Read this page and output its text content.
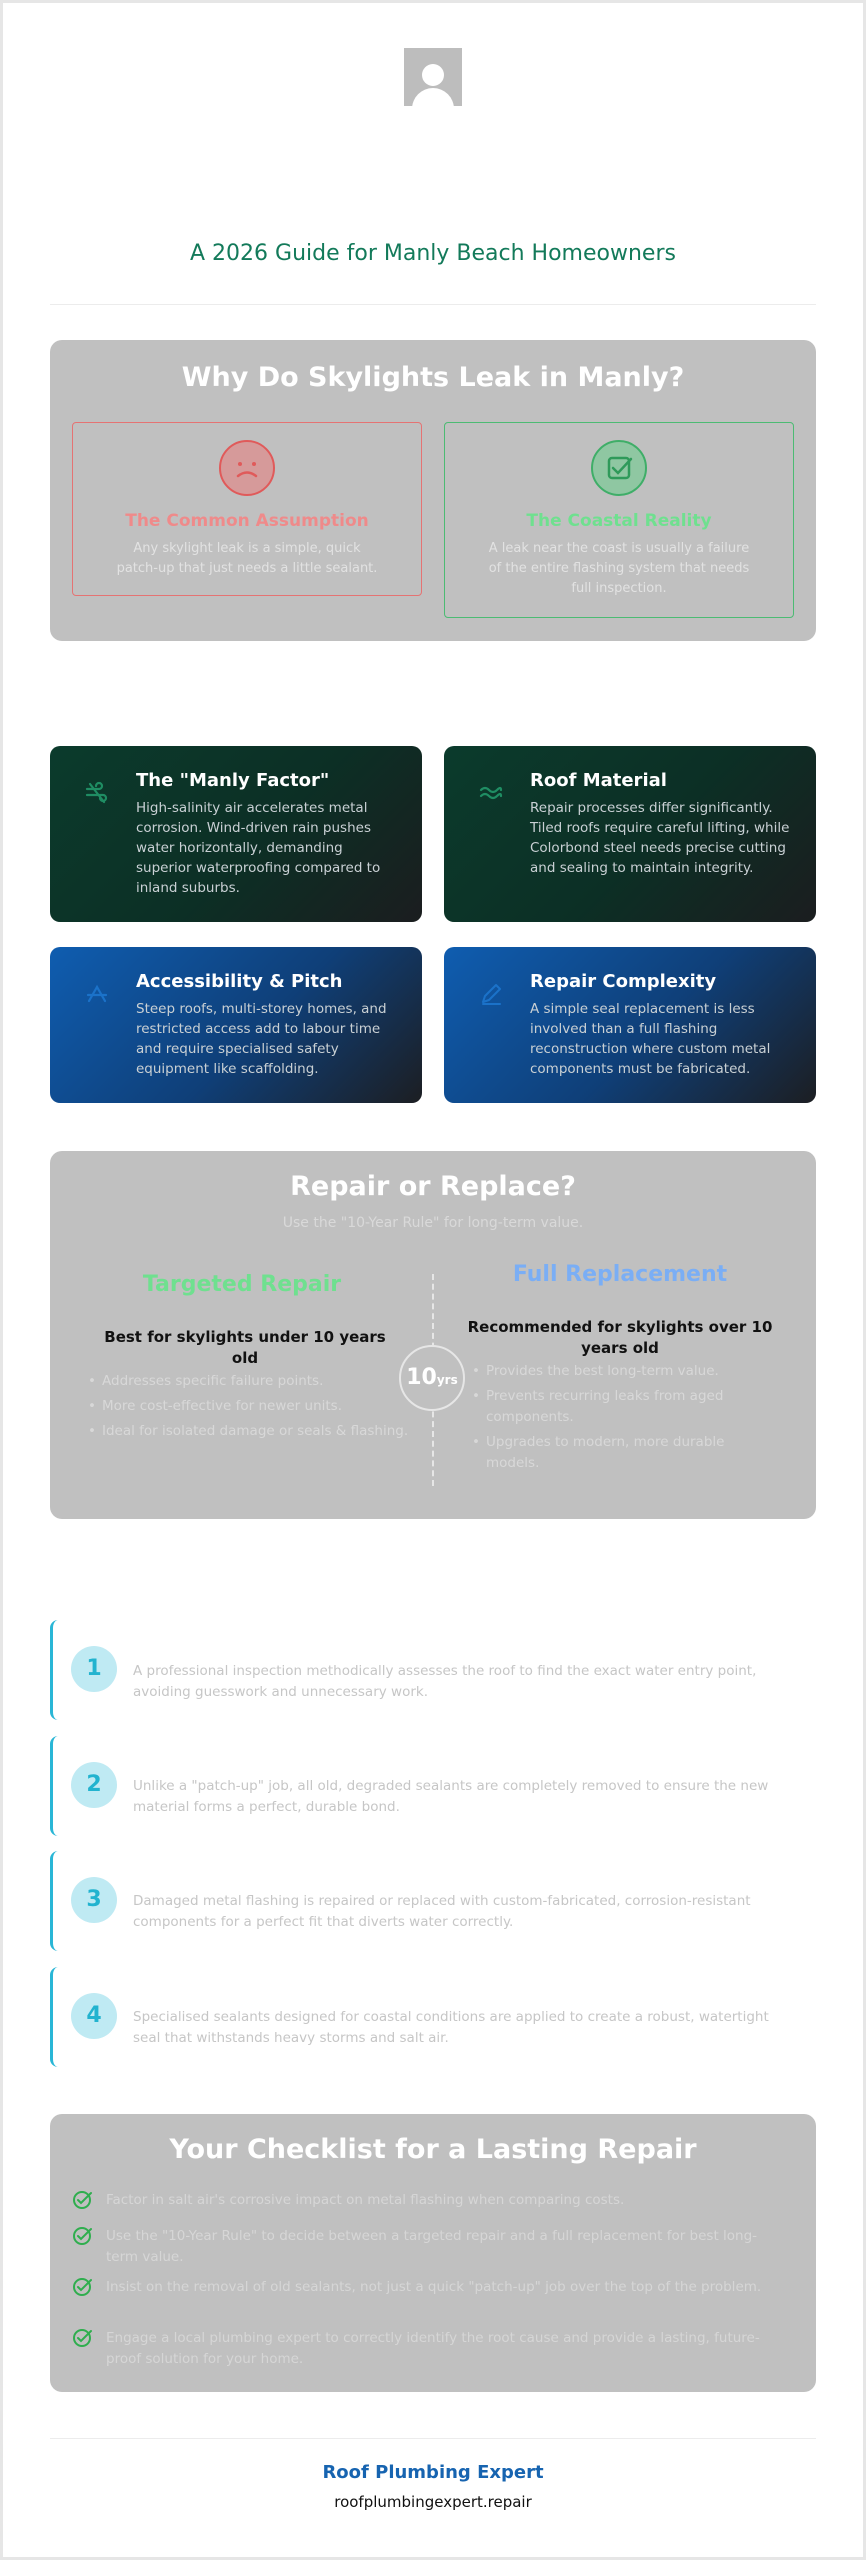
A 2026 Guide for Manly Beach Homeowners
Why Do Skylights Leak in Manly?
The Common Assumption
Any skylight leak is a simple, quick patch-up that just needs a little sealant.
The Coastal Reality
A leak near the coast is usually a failure of the entire flashing system that needs full inspection.
The "Manly Factor"
High-salinity air accelerates metal corrosion. Wind-driven rain pushes water horizontally, demanding superior waterproofing compared to inland suburbs.
Roof Material
Repair processes differ significantly. Tiled roofs require careful lifting, while Colorbond steel needs precise cutting and sealing to maintain integrity.
Accessibility & Pitch
Steep roofs, multi-storey homes, and restricted access add to labour time and require specialised safety equipment like scaffolding.
Repair Complexity
A simple seal replacement is less involved than a full flashing reconstruction where custom metal components must be fabricated.
Repair or Replace?
Use the "10-Year Rule" for long-term value.
Targeted Repair
Best for skylights under 10 years old
• Addresses specific failure points.
• More cost-effective for newer units.
• Ideal for isolated damage or seals & flashing.
10yrs
Full Replacement
Recommended for skylights over 10 years old
• Provides the best long-term value.
• Prevents recurring leaks from aged components.
• Upgrades to modern, more durable models.
1	A professional inspection methodically assesses the roof to find the exact water entry point, avoiding guesswork and unnecessary work.
2	Unlike a "patch-up" job, all old, degraded sealants are completely removed to ensure the new material forms a perfect, durable bond.
3	Damaged metal flashing is repaired or replaced with custom-fabricated, corrosion-resistant components for a perfect fit that diverts water correctly.
4	Specialised sealants designed for coastal conditions are applied to create a robust, watertight seal that withstands heavy storms and salt air.
Your Checklist for a Lasting Repair
Factor in salt air's corrosive impact on metal flashing when comparing costs.
Use the "10-Year Rule" to decide between a targeted repair and a full replacement for best long-term value.
Insist on the removal of old sealants, not just a quick "patch-up" job over the top of the problem.
Engage a local plumbing expert to correctly identify the root cause and provide a lasting, future-proof solution for your home.
Roof Plumbing Expert
roofplumbingexpert.repair
